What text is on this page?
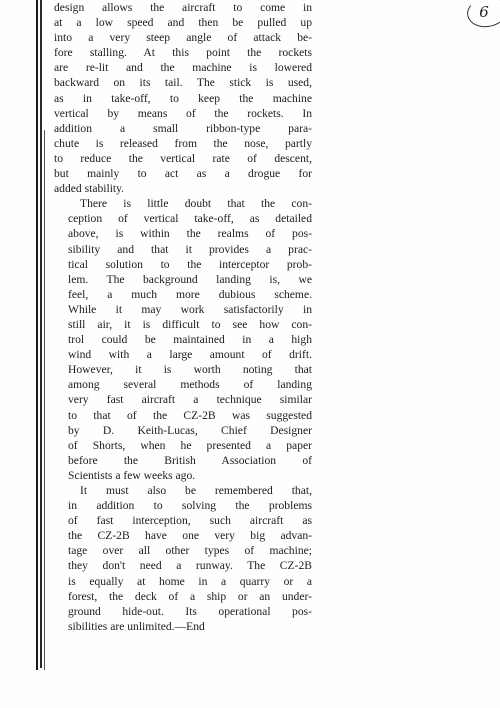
6
design allows the aircraft to come in
at a low speed and then be pulled up
into a very steep angle of attack be-
fore stalling. At this point the rockets
are re-lit and the machine is lowered
backward on its tail. The stick is used,
as in take-off, to keep the machine
vertical by means of the rockets. In
addition a small ribbon-type para-
chute is released from the nose, partly
to reduce the vertical rate of descent,
but mainly to act as a drogue for
added stability.
There is little doubt that the con-
ception of vertical take-off, as detailed
above, is within the realms of pos-
sibility and that it provides a prac-
tical solution to the interceptor prob-
lem. The background landing is, we
feel, a much more dubious scheme.
While it may work satisfactorily in
still air, it is difficult to see how con-
trol could be maintained in a high
wind with a large amount of drift.
However, it is worth noting that
among several methods of landing
very fast aircraft a technique similar
to that of the CZ-2B was suggested
by D. Keith-Lucas, Chief Designer
of Shorts, when he presented a paper
before the British Association of
Scientists a few weeks ago.
It must also be remembered that,
in addition to solving the problems
of fast interception, such aircraft as
the CZ-2B have one very big advan-
tage over all other types of machine;
they don't need a runway. The CZ-2B
is equally at home in a quarry or a
forest, the deck of a ship or an under-
ground hide-out. Its operational pos-
sibilities are unlimited.—End
